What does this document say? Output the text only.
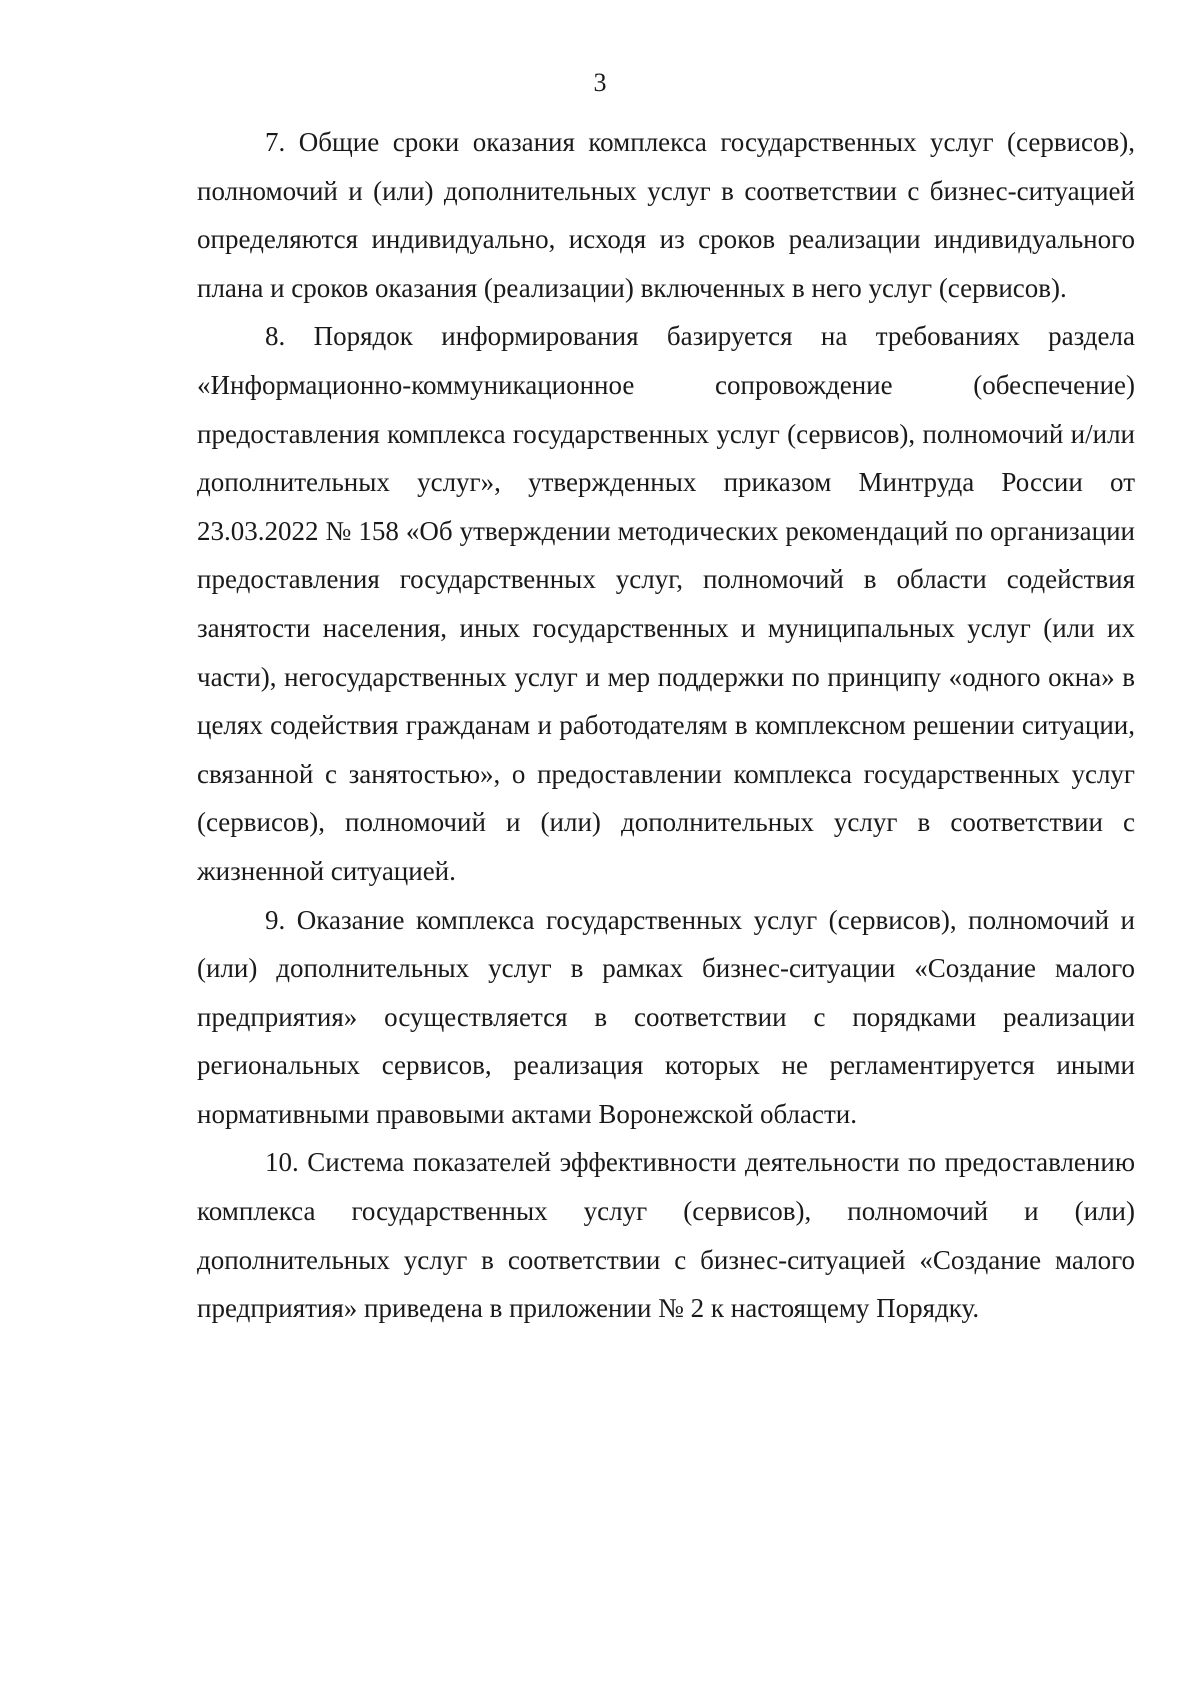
3

7. Общие сроки оказания комплекса государственных услуг (сервисов), полномочий и (или) дополнительных услуг в соответствии с бизнес-ситуацией определяются индивидуально, исходя из сроков реализации индивидуального плана и сроков оказания (реализации) включенных в него услуг (сервисов).

8. Порядок информирования базируется на требованиях раздела «Информационно-коммуникационное сопровождение (обеспечение) предоставления комплекса государственных услуг (сервисов), полномочий и/или дополнительных услуг», утвержденных приказом Минтруда России от 23.03.2022 № 158 «Об утверждении методических рекомендаций по организации предоставления государственных услуг, полномочий в области содействия занятости населения, иных государственных и муниципальных услуг (или их части), негосударственных услуг и мер поддержки по принципу «одного окна» в целях содействия гражданам и работодателям в комплексном решении ситуации, связанной с занятостью», о предоставлении комплекса государственных услуг (сервисов), полномочий и (или) дополнительных услуг в соответствии с жизненной ситуацией.

9. Оказание комплекса государственных услуг (сервисов), полномочий и (или) дополнительных услуг в рамках бизнес-ситуации «Создание малого предприятия» осуществляется в соответствии с порядками реализации региональных сервисов, реализация которых не регламентируется иными нормативными правовыми актами Воронежской области.

10. Система показателей эффективности деятельности по предоставлению комплекса государственных услуг (сервисов), полномочий и (или) дополнительных услуг в соответствии с бизнес-ситуацией «Создание малого предприятия» приведена в приложении № 2 к настоящему Порядку.
